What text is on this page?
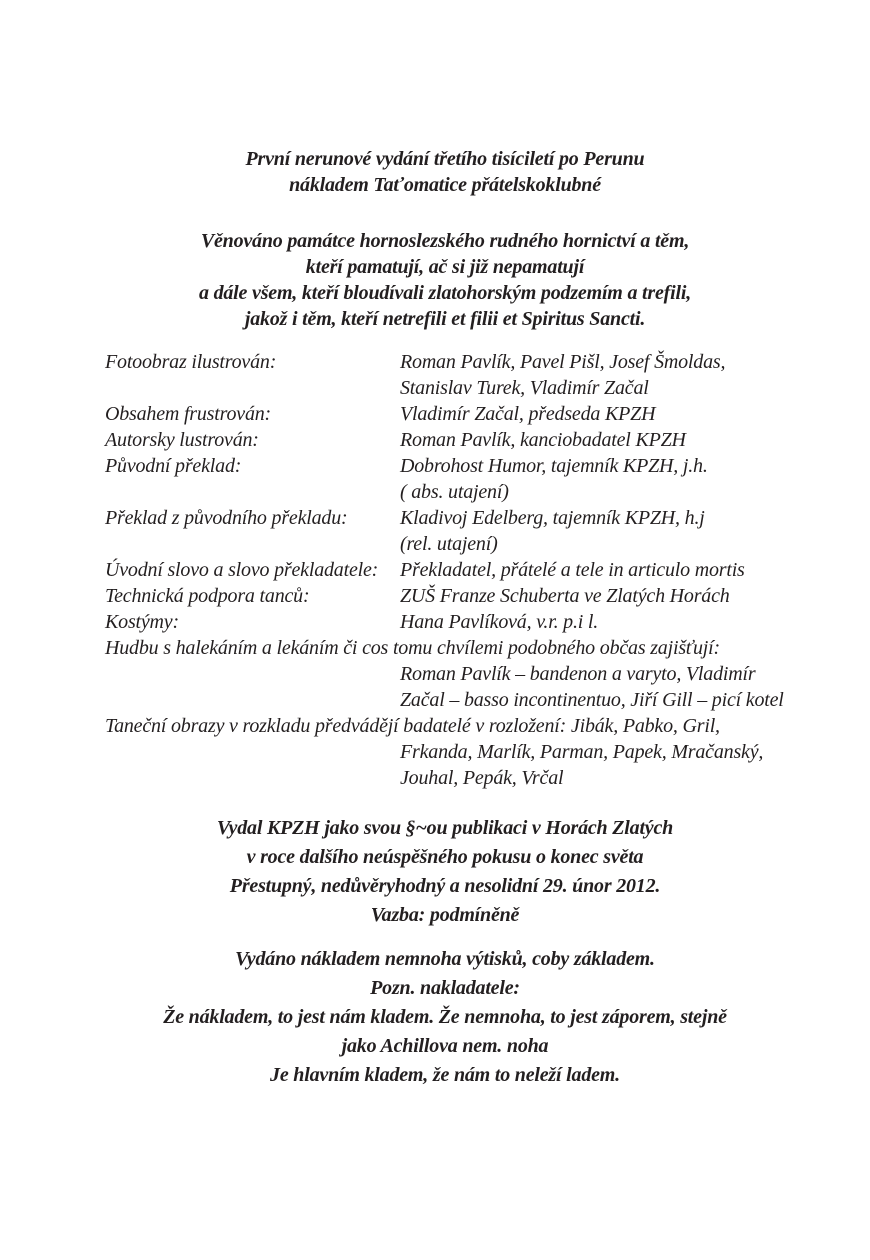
První nerunové vydání třetího tisíciletí po Perunu
nákladem Taťomatice přátelskoklubné
Věnováno památce hornoslezského rudného hornictví a těm,
kteří pamatují, ač si již nepamatují
a dále všem, kteří bloudívali zlatohorským podzemím a trefili,
jakož i těm, kteří netrefili et filii et Spiritus Sancti.
Fotoobraz ilustrován:	Roman Pavlík, Pavel Pišl, Josef Šmoldas,
Stanislav Turek, Vladimír Začal
Obsahem frustrován:	Vladimír Začal, předseda KPZH
Autorsky lustrován:	Roman Pavlík, kanciobadatel KPZH
Původní překlad:	Dobrohost Humor, tajemník KPZH, j.h.
( abs. utajení)
Překlad z původního překladu:	Kladivoj Edelberg, tajemník KPZH, h.j
(rel. utajení)
Úvodní slovo a slovo překladatele:	Překladatel, přátelé a tele in articulo mortis
Technická podpora tanců:	ZUŠ Franze Schuberta ve Zlatých Horách
Kostýmy:	Hana Pavlíková, v.r. p.i l.
Hudbu s halekáním a lekáním či cos tomu chvílemi podobného občas zajišťují:
Roman Pavlík – bandenon a varyto, Vladimír
Začal – basso incontinentuo, Jiří Gill – picí kotel
Taneční obrazy v rozkladu předvádějí badatelé v rozložení: Jibák, Pabko, Gril,
Frkanda, Marlík, Parman, Papek, Mračanský,
Jouhal, Pepák, Vrčal
Vydal KPZH jako svou §~ou publikaci v Horách Zlatých
v roce dalšího neúspěšného pokusu o konec světa
Přestupný, nedůvěryhodný a nesolidní 29. únor 2012.
Vazba: podmíněně
Vydáno nákladem nemnoha výtisků, coby základem.
Pozn. nakladatele:
Že nákladem, to jest nám kladem. Že nemnoha, to jest záporem, stejně
jako Achillova nem. noha
Je hlavním kladem, že nám to neleží ladem.
